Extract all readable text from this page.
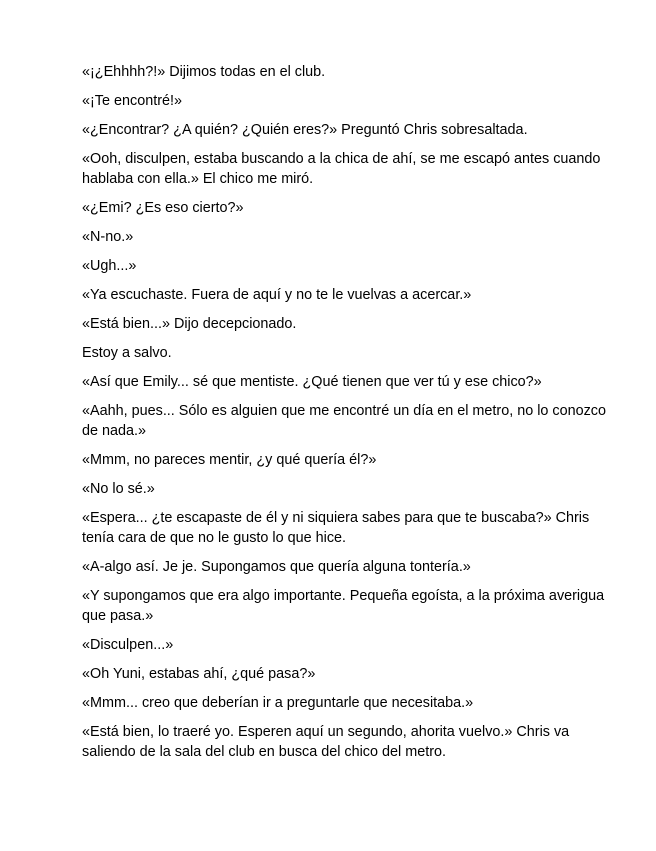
«¡¿Ehhhh?!» Dijimos todas en el club.

«¡Te encontré!»

«¿Encontrar? ¿A quién? ¿Quién eres?» Preguntó Chris sobresaltada.

«Ooh, disculpen, estaba buscando a la chica de ahí, se me escapó antes cuando hablaba con ella.» El chico me miró.

«¿Emi? ¿Es eso cierto?»

«N-no.»

«Ugh...»

«Ya escuchaste. Fuera de aquí y no te le vuelvas a acercar.»

«Está bien...» Dijo decepcionado.

Estoy a salvo.

«Así que Emily... sé que mentiste. ¿Qué tienen que ver tú y ese chico?»

«Aahh, pues... Sólo es alguien que me encontré un día en el metro, no lo conozco de nada.»

«Mmm, no pareces mentir, ¿y qué quería él?»

«No lo sé.»

«Espera... ¿te escapaste de él y ni siquiera sabes para que te buscaba?» Chris tenía cara de que no le gusto lo que hice.

«A-algo así. Je je. Supongamos que quería alguna tontería.»

«Y supongamos que era algo importante. Pequeña egoísta, a la próxima averigua que pasa.»

«Disculpen...»

«Oh Yuni, estabas ahí, ¿qué pasa?»

«Mmm... creo que deberían ir a preguntarle que necesitaba.»

«Está bien, lo traeré yo. Esperen aquí un segundo, ahorita vuelvo.» Chris va saliendo de la sala del club en busca del chico del metro.
